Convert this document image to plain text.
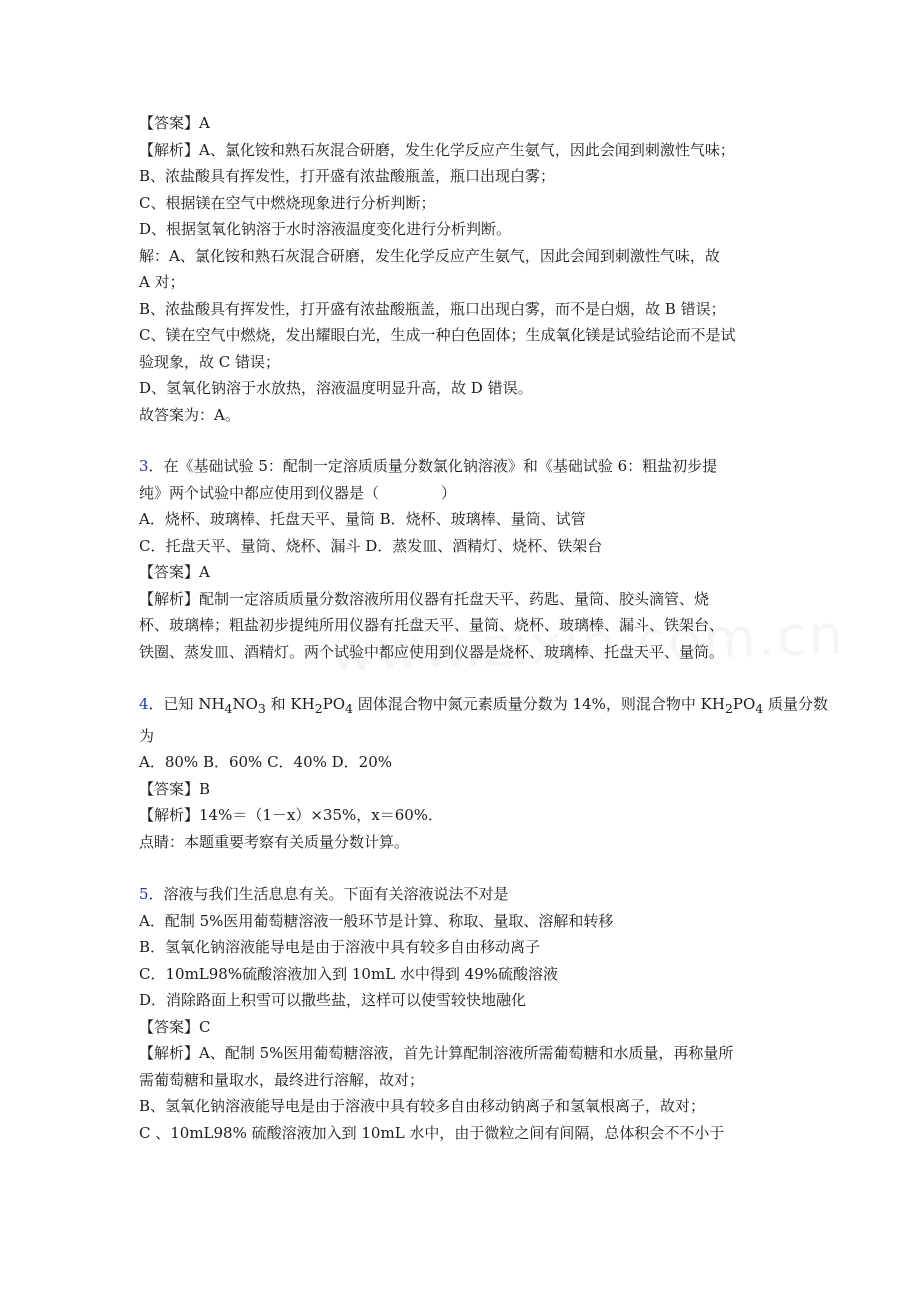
【答案】A
【解析】A、氯化铵和熟石灰混合研磨，发生化学反应产生氨气，因此会闻到刺激性气味；
B、浓盐酸具有挥发性，打开盛有浓盐酸瓶盖，瓶口出现白雾；
C、根据镁在空气中燃烧现象进行分析判断；
D、根据氢氧化钠溶于水时溶液温度变化进行分析判断。
解：A、氯化铵和熟石灰混合研磨，发生化学反应产生氨气，因此会闻到刺激性气味，故
A 对；
B、浓盐酸具有挥发性，打开盛有浓盐酸瓶盖，瓶口出现白雾，而不是白烟，故 B 错误；
C、镁在空气中燃烧，发出耀眼白光，生成一种白色固体；生成氧化镁是试验结论而不是试
验现象，故 C 错误；
D、氢氧化钠溶于水放热，溶液温度明显升高，故 D 错误。
故答案为：A。
3．在《基础试验 5：配制一定溶质质量分数氯化钠溶液》和《基础试验 6：粗盐初步提
纯》两个试验中都应使用到仪器是（	）
A．烧杯、玻璃棒、托盘天平、量筒 B．烧杯、玻璃棒、量筒、试管
C．托盘天平、量筒、烧杯、漏斗 D．蒸发皿、酒精灯、烧杯、铁架台
【答案】A
【解析】配制一定溶质质量分数溶液所用仪器有托盘天平、药匙、量筒、胶头滴管、烧
杯、玻璃棒；粗盐初步提纯所用仪器有托盘天平、量筒、烧杯、玻璃棒、漏斗、铁架台、
铁圈、蒸发皿、酒精灯。两个试验中都应使用到仪器是烧杯、玻璃棒、托盘天平、量筒。
4．已知 $NH_4NO_3$ 和 $KH_2PO_4$ 固体混合物中氮元素质量分数为 14%，则混合物中 $KH_2PO_4$ 质量分数
为
A．80% B．60% C．40% D．20%
【答案】B
【解析】14%＝（1－x）×35%，x＝60%．
点睛：本题重要考察有关质量分数计算。
5．溶液与我们生活息息有关。下面有关溶液说法不对是
A．配制 5%医用葡萄糖溶液一般环节是计算、称取、量取、溶解和转移
B．氢氧化钠溶液能导电是由于溶液中具有较多自由移动离子
C．10mL98%硫酸溶液加入到 10mL 水中得到 49%硫酸溶液
D．消除路面上积雪可以撒些盐，这样可以使雪较快地融化
【答案】C
【解析】A、配制 5%医用葡萄糖溶液，首先计算配制溶液所需葡萄糖和水质量，再称量所
需葡萄糖和量取水，最终进行溶解，故对；
B、氢氧化钠溶液能导电是由于溶液中具有较多自由移动钠离子和氢氧根离子，故对；
C 、10mL98% 硫酸溶液加入到 10mL 水中，由于微粒之间有间隔，总体积会不不小于
